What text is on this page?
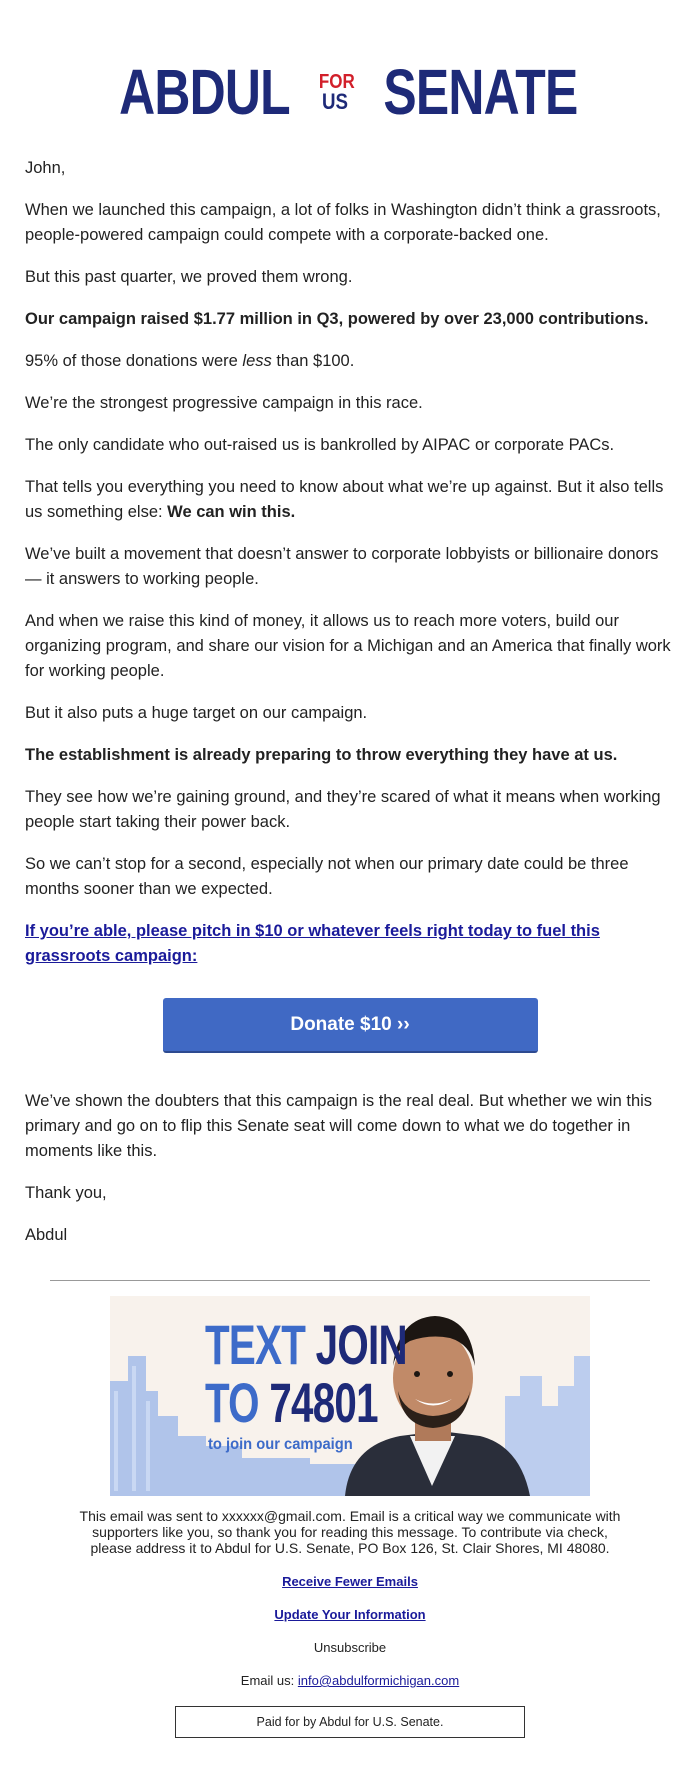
ABDUL FOR
US SENATE

John,

When we launched this campaign, a lot of folks in Washington didn’t think a grassroots, people-powered campaign could compete with a corporate-backed one.

But this past quarter, we proved them wrong.

Our campaign raised $1.77 million in Q3, powered by over 23,000 contributions.

95% of those donations were less than $100.

We’re the strongest progressive campaign in this race.

The only candidate who out-raised us is bankrolled by AIPAC or corporate PACs.

That tells you everything you need to know about what we’re up against. But it also tells us something else: We can win this.

We’ve built a movement that doesn’t answer to corporate lobbyists or billionaire donors — it answers to working people.

And when we raise this kind of money, it allows us to reach more voters, build our organizing program, and share our vision for a Michigan and an America that finally work for working people.

But it also puts a huge target on our campaign.

The establishment is already preparing to throw everything they have at us.

They see how we’re gaining ground, and they’re scared of what it means when working people start taking their power back.

So we can’t stop for a second, especially not when our primary date could be three months sooner than we expected.

If you’re able, please pitch in $10 or whatever feels right today to fuel this grassroots campaign:

Donate $10 ››

We’ve shown the doubters that this campaign is the real deal. But whether we win this primary and go on to flip this Senate seat will come down to what we do together in moments like this.

Thank you,

Abdul

TEXT JOIN
TO 74801
to join our campaign
This email was sent to xxxxxx@gmail.com. Email is a critical way we communicate with supporters like you, so thank you for reading this message. To contribute via check, please address it to Abdul for U.S. Senate, PO Box 126, St. Clair Shores, MI 48080.
Receive Fewer Emails
Update Your Information
Unsubscribe
Email us: info@abdulformichigan.com
Paid for by Abdul for U.S. Senate.
